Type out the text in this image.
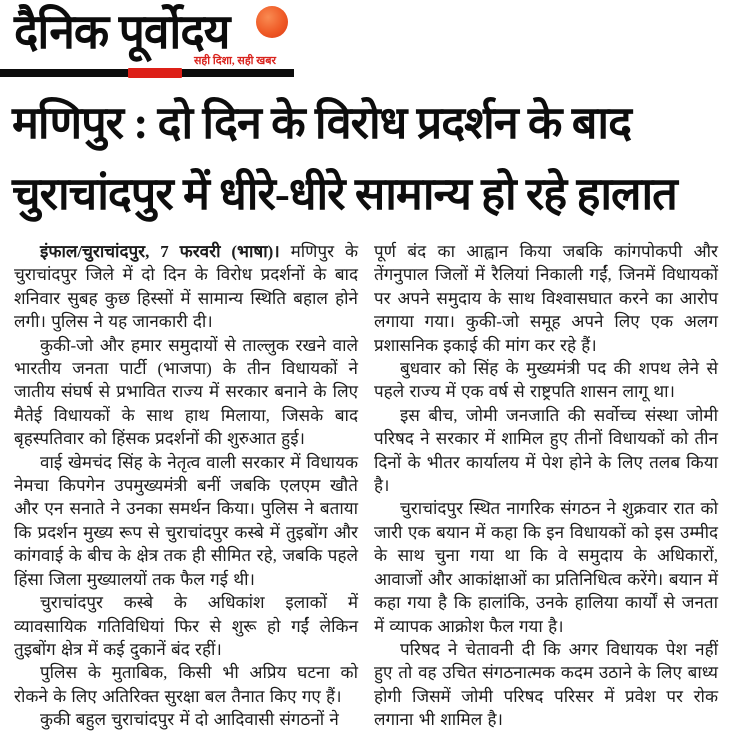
दैनिक पूर्वोदय
सही दिशा, सही खबर
मणिपुर : दो दिन के विरोध प्रदर्शन के बाद
चुराचांदपुर में धीरे-धीरे सामान्य हो रहे हालात

इंफाल/चुराचांदपुर, 7 फरवरी (भाषा)। मणिपुर के चुराचांदपुर जिले में दो दिन के विरोध प्रदर्शनों के बाद शनिवार सुबह कुछ हिस्सों में सामान्य स्थिति बहाल होने लगी। पुलिस ने यह जानकारी दी।

कुकी-जो और हमार समुदायों से ताल्लुक रखने वाले भारतीय जनता पार्टी (भाजपा) के तीन विधायकों ने जातीय संघर्ष से प्रभावित राज्य में सरकार बनाने के लिए मैतेई विधायकों के साथ हाथ मिलाया, जिसके बाद बृहस्पतिवार को हिंसक प्रदर्शनों की शुरुआत हुई।

वाई खेमचंद सिंह के नेतृत्व वाली सरकार में विधायक नेमचा किपगेन उपमुख्यमंत्री बनीं जबकि एलएम खौते और एन सनाते ने उनका समर्थन किया। पुलिस ने बताया कि प्रदर्शन मुख्य रूप से चुराचांदपुर कस्बे में तुइबोंग और कांगवाई के बीच के क्षेत्र तक ही सीमित रहे, जबकि पहले हिंसा जिला मुख्यालयों तक फैल गई थी।

चुराचांदपुर कस्बे के अधिकांश इलाकों में व्यावसायिक गतिविधियां फिर से शुरू हो गईं लेकिन तुइबोंग क्षेत्र में कई दुकानें बंद रहीं।

पुलिस के मुताबिक, किसी भी अप्रिय घटना को रोकने के लिए अतिरिक्त सुरक्षा बल तैनात किए गए हैं।

कुकी बहुल चुराचांदपुर में दो आदिवासी संगठनों ने

पूर्ण बंद का आह्वान किया जबकि कांगपोकपी और तेंगनुपाल जिलों में रैलियां निकाली गईं, जिनमें विधायकों पर अपने समुदाय के साथ विश्वासघात करने का आरोप लगाया गया। कुकी-जो समूह अपने लिए एक अलग प्रशासनिक इकाई की मांग कर रहे हैं।

बुधवार को सिंह के मुख्यमंत्री पद की शपथ लेने से पहले राज्य में एक वर्ष से राष्ट्रपति शासन लागू था।

इस बीच, जोमी जनजाति की सर्वोच्च संस्था जोमी परिषद ने सरकार में शामिल हुए तीनों विधायकों को तीन दिनों के भीतर कार्यालय में पेश होने के लिए तलब किया है।

चुराचांदपुर स्थित नागरिक संगठन ने शुक्रवार रात को जारी एक बयान में कहा कि इन विधायकों को इस उम्मीद के साथ चुना गया था कि वे समुदाय के अधिकारों, आवाजों और आकांक्षाओं का प्रतिनिधित्व करेंगे। बयान में कहा गया है कि हालांकि, उनके हालिया कार्यों से जनता में व्यापक आक्रोश फैल गया है।

परिषद ने चेतावनी दी कि अगर विधायक पेश नहीं हुए तो वह उचित संगठनात्मक कदम उठाने के लिए बाध्य होगी जिसमें जोमी परिषद परिसर में प्रवेश पर रोक लगाना भी शामिल है।
